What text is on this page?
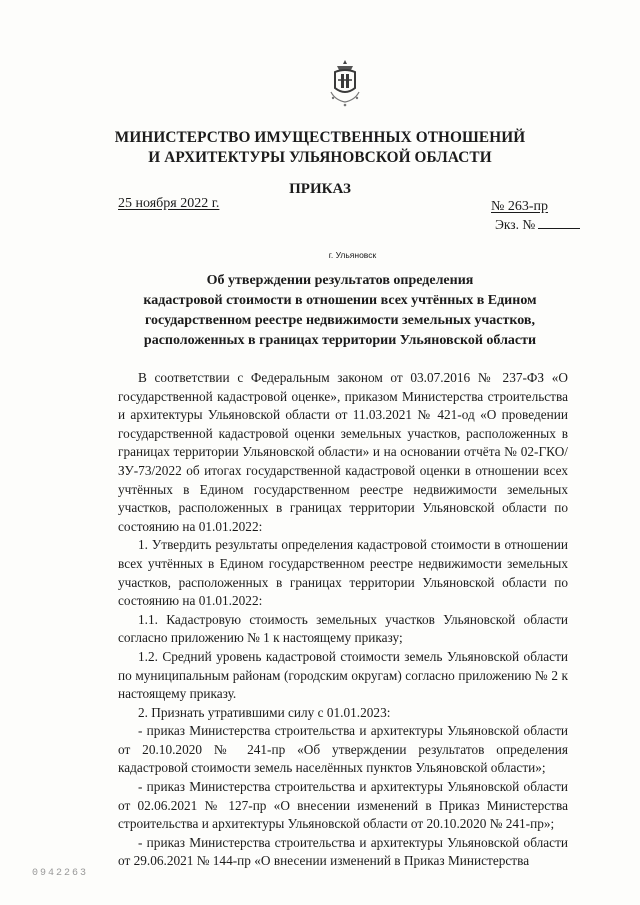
МИНИСТЕРСТВО ИМУЩЕСТВЕННЫХ ОТНОШЕНИЙ
И АРХИТЕКТУРЫ УЛЬЯНОВСКОЙ ОБЛАСТИ
ПРИКАЗ
25 ноября 2022 г.	№ 263-пр
Экз. №
г. Ульяновск
Об утверждении результатов определения
кадастровой стоимости в отношении всех учтённых в Едином
государственном реестре недвижимости земельных участков,
расположенных в границах территории Ульяновской области

В соответствии с Федеральным законом от 03.07.2016 № 237-ФЗ «О государственной кадастровой оценке», приказом Министерства строительства и архитектуры Ульяновской области от 11.03.2021 № 421-од «О проведении государственной кадастровой оценки земельных участков, расположенных в границах территории Ульяновской области» и на основании отчёта № 02-ГКО/ЗУ-73/2022 об итогах государственной кадастровой оценки в отношении всех учтённых в Едином государственном реестре недвижимости земельных участков, расположенных в границах территории Ульяновской области по состоянию на 01.01.2022:

1. Утвердить результаты определения кадастровой стоимости в отношении всех учтённых в Едином государственном реестре недвижимости земельных участков, расположенных в границах территории Ульяновской области по состоянию на 01.01.2022:

1.1. Кадастровую стоимость земельных участков Ульяновской области согласно приложению № 1 к настоящему приказу;

1.2. Средний уровень кадастровой стоимости земель Ульяновской области по муниципальным районам (городским округам) согласно приложению № 2 к настоящему приказу.

2. Признать утратившими силу с 01.01.2023:

- приказ Министерства строительства и архитектуры Ульяновской области от 20.10.2020 № 241-пр «Об утверждении результатов определения кадастровой стоимости земель населённых пунктов Ульяновской области»;

- приказ Министерства строительства и архитектуры Ульяновской области от 02.06.2021 № 127-пр «О внесении изменений в Приказ Министерства строительства и архитектуры Ульяновской области от 20.10.2020 № 241-пр»;

- приказ Министерства строительства и архитектуры Ульяновской области от 29.06.2021 № 144-пр «О внесении изменений в Приказ Министерства

0942263
